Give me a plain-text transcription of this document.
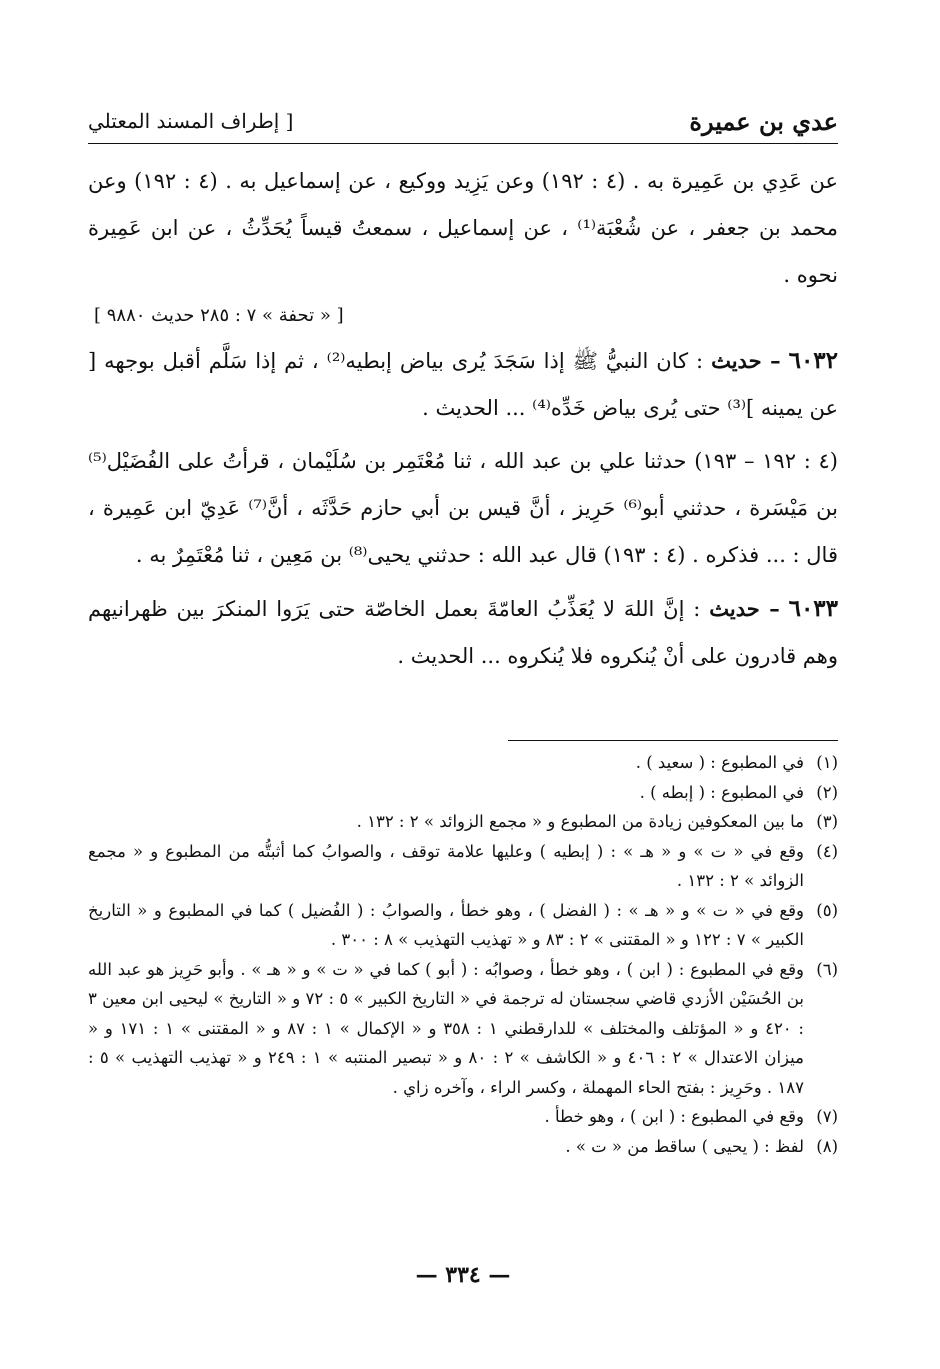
عدي بن عميرة
[ إطراف المسند المعتلي

عن عَدِي بن عَمِيرة به . (٤ : ١٩٢) وعن يَزِيد ووكيع ، عن إسماعيل به . (٤ : ١٩٢) وعن محمد بن جعفر ، عن شُعْبَة⁽¹⁾ ، عن إسماعيل ، سمعتُ قيساً يُحَدِّثُ ، عن ابن عَمِيرة نحوه .

[ « تحفة » ٧ : ٢٨٥ حديث ٩٨٨٠ ]

٦٠٣٢ – حديث : كان النبيُّ ﷺ إذا سَجَدَ يُرى بياض إبطيه⁽²⁾ ، ثم إذا سَلَّم أقبل بوجهه [ عن يمينه ]⁽³⁾ حتى يُرى بياض خَدِّه⁽⁴⁾ ... الحديث .

(٤ : ١٩٢ – ١٩٣) حدثنا علي بن عبد الله ، ثنا مُعْتَمِر بن سُلَيْمان ، قرأتُ على الفُضَيْل⁽⁵⁾ بن مَيْسَرة ، حدثني أبو⁽⁶⁾ حَرِيز ، أنَّ قيس بن أبي حازم حَدَّثَه ، أنَّ⁽⁷⁾ عَدِيّ ابن عَمِيرة ، قال : ... فذكره . (٤ : ١٩٣) قال عبد الله : حدثني يحيى⁽⁸⁾ بن مَعِين ، ثنا مُعْتَمِرٌ به .

٦٠٣٣ – حديث : إنَّ اللهَ لا يُعَذِّبُ العامّةَ بعمل الخاصّة حتى يَرَوا المنكرَ بين ظهرانيهم وهم قادرون على أنْ يُنكروه فلا يُنكروه ... الحديث .

(١)
في المطبوع : ( سعيد ) .
(٢)
في المطبوع : ( إبطه ) .
(٣)
ما بين المعكوفين زيادة من المطبوع و « مجمع الزوائد » ٢ : ١٣٢ .
(٤)
وقع في « ت » و « هـ » : ( إبطيه ) وعليها علامة توقف ، والصوابُ كما أثبتُّه من المطبوع و « مجمع الزوائد » ٢ : ١٣٢ .
(٥)
وقع في « ت » و « هـ » : ( الفضل ) ، وهو خطأ ، والصوابُ : ( الفُضيل ) كما في المطبوع و « التاريخ الكبير » ٧ : ١٢٢ و « المقتنى » ٢ : ٨٣ و « تهذيب التهذيب » ٨ : ٣٠٠ .
(٦)
وقع في المطبوع : ( ابن ) ، وهو خطأ ، وصوابُه : ( أبو ) كما في « ت » و « هـ » . وأبو حَرِيز هو عبد الله بن الحُسَيْن الأزدي قاضي سجستان له ترجمة في « التاريخ الكبير » ٥ : ٧٢ و « التاريخ » ليحيى ابن معين ٣ : ٤٢٠ و « المؤتلف والمختلف » للدارقطني ١ : ٣٥٨ و « الإكمال » ١ : ٨٧ و « المقتنى » ١ : ١٧١ و « ميزان الاعتدال » ٢ : ٤٠٦ و « الكاشف » ٢ : ٨٠ و « تبصير المنتبه » ١ : ٢٤٩ و « تهذيب التهذيب » ٥ : ١٨٧ . وحَرِيز : بفتح الحاء المهملة ، وكسر الراء ، وآخره زاي .
(٧)
وقع في المطبوع : ( ابن ) ، وهو خطأ .
(٨)
لفظ : ( يحيى ) ساقط من « ت » .
— ٣٣٤ —
